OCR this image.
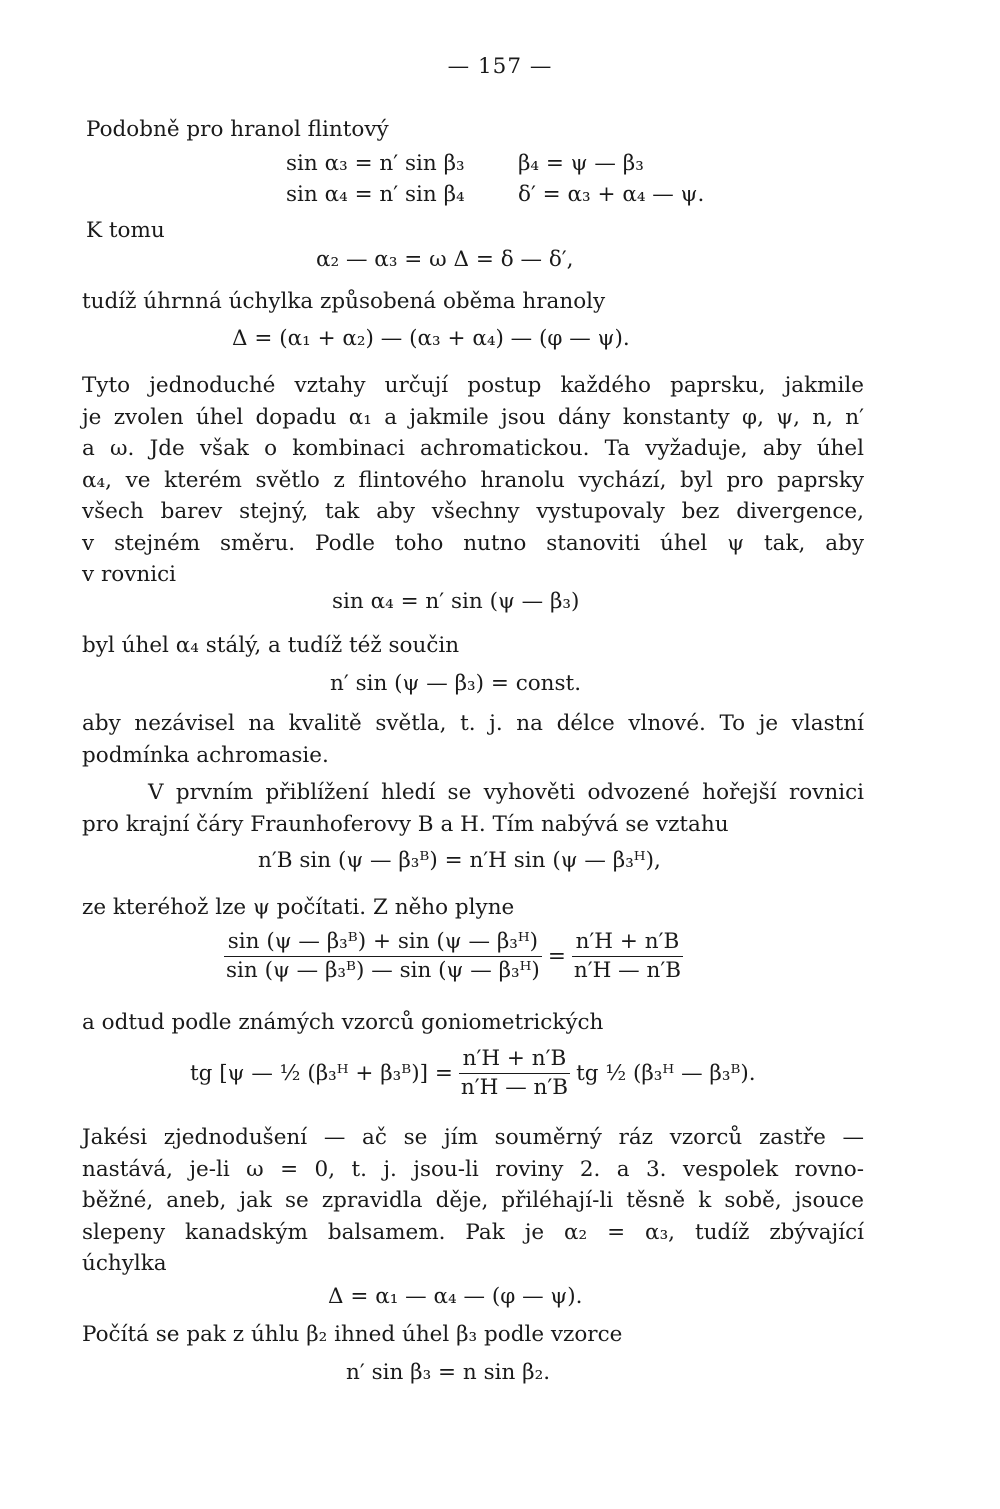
— 157 —
Podobně pro hranol flintový
sin α₃ = n′ sin β₃ β₄ = ψ — β₃
sin α₄ = n′ sin β₄ δ′ = α₃ + α₄ — ψ.
K tomu
α₂ — α₃ = ω Δ = δ — δ′,
tudíž úhrnná úchylka způsobená oběma hranoly
Δ = (α₁ + α₂) — (α₃ + α₄) — (φ — ψ).
Tyto jednoduché vztahy určují postup každého paprsku, jakmile
je zvolen úhel dopadu α₁ a jakmile jsou dány konstanty φ, ψ, n, n′
a ω. Jde však o kombinaci achromatickou. Ta vyžaduje, aby úhel
α₄, ve kterém světlo z flintového hranolu vychází, byl pro paprsky
všech barev stejný, tak aby všechny vystupovaly bez divergence,
v stejném směru. Podle toho nutno stanoviti úhel ψ tak, aby
v rovnici
sin α₄ = n′ sin (ψ — β₃)
byl úhel α₄ stálý, a tudíž též součin
n′ sin (ψ — β₃) = const.
aby nezávisel na kvalitě světla, t. j. na délce vlnové. To je vlastní
podmínka achromasie.
V prvním přiblížení hledí se vyhověti odvozené hořejší rovnici
pro krajní čáry Fraunhoferovy B a H. Tím nabývá se vztahu
n′B sin (ψ — β₃ᴮ) = n′H sin (ψ — β₃ᴴ),
ze kteréhož lze ψ počítati. Z něho plyne
$\frac{\text{sin (ψ — β₃ᴮ) + sin (ψ — β₃ᴴ)}}{\text{sin (ψ — β₃ᴮ) — sin (ψ — β₃ᴴ)}} = \frac{n'H + n'B}{n'H — n'B}$
a odtud podle známých vzorců goniometrických
tg [ψ — ½ (β₃ᴴ + β₃ᴮ)] = $\frac{n'H + n'B}{n'H — n'B}$ tg ½ (β₃ᴴ — β₃ᴮ).
Jakési zjednodušení — ač se jím souměrný ráz vzorců zastře —
nastává, je-li ω = 0, t. j. jsou-li roviny 2. a 3. vespolek rovno-
běžné, aneb, jak se zpravidla děje, přiléhají-li těsně k sobě, jsouce
slepeny kanadským balsamem. Pak je α₂ = α₃, tudíž zbývající
úchylka
Δ = α₁ — α₄ — (φ — ψ).
Počítá se pak z úhlu β₂ ihned úhel β₃ podle vzorce
n′ sin β₃ = n sin β₂.
